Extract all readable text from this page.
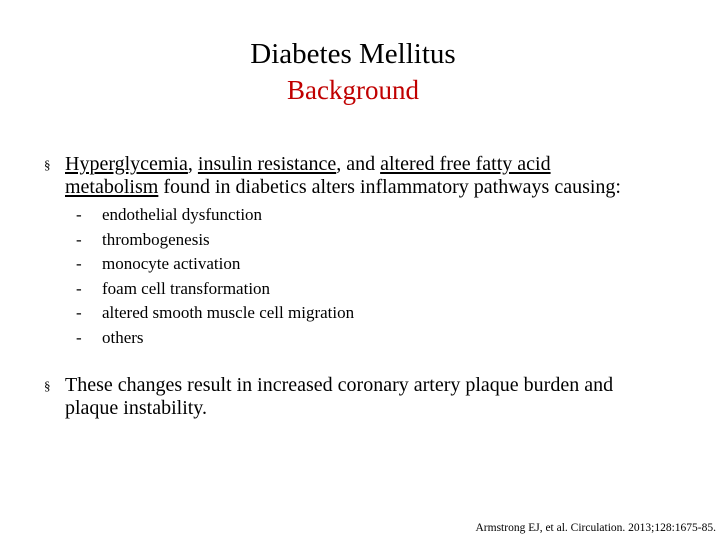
Diabetes Mellitus
Background
§ Hyperglycemia, insulin resistance, and altered free fatty acid
metabolism found in diabetics alters inflammatory pathways causing:
- endothelial dysfunction
- thrombogenesis
- monocyte activation
- foam cell transformation
- altered smooth muscle cell migration
- others
§ These changes result in increased coronary artery plaque burden and
plaque instability.
Armstrong EJ, et al. Circulation. 2013;128:1675-85.
